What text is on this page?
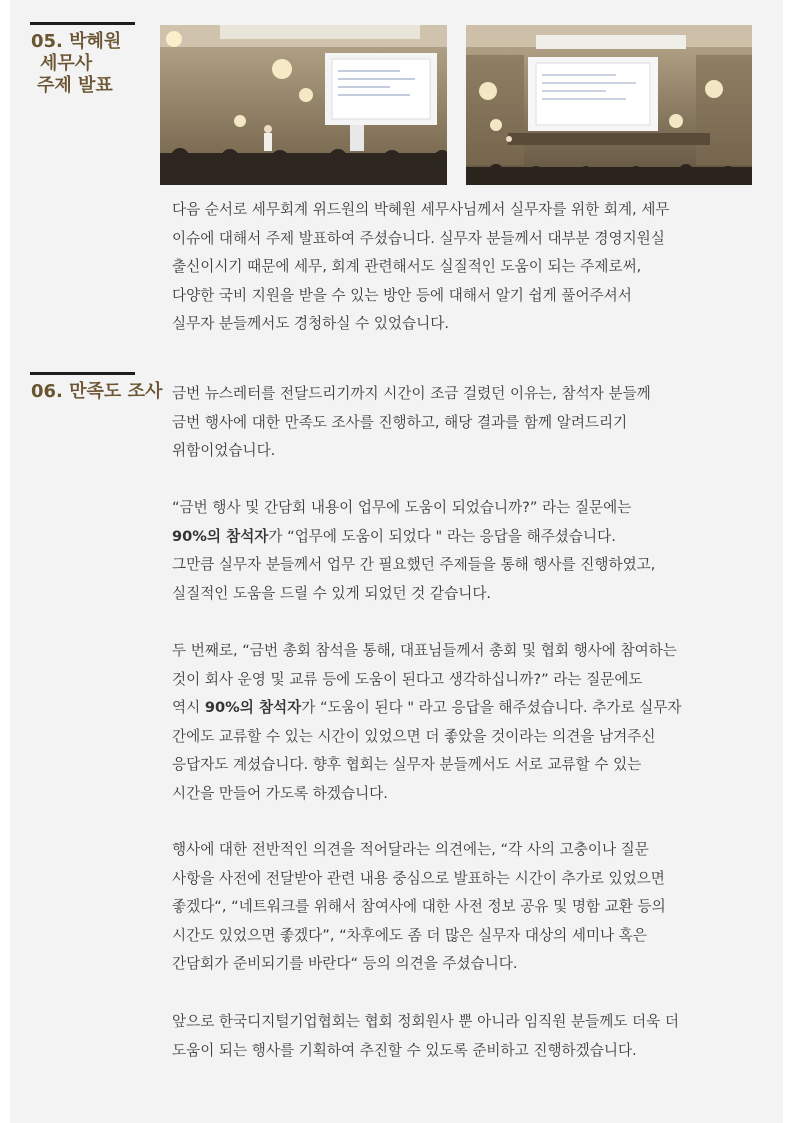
05. 박혜원
세무사
주제 발표
다음 순서로 세무회계 위드원의 박혜원 세무사님께서 실무자를 위한 회계, 세무
이슈에 대해서 주제 발표하여 주셨습니다. 실무자 분들께서 대부분 경영지원실
출신이시기 때문에 세무, 회계 관련해서도 실질적인 도움이 되는 주제로써,
다양한 국비 지원을 받을 수 있는 방안 등에 대해서 알기 쉽게 풀어주셔서
실무자 분들께서도 경청하실 수 있었습니다.
06. 만족도 조사 금번 뉴스레터를 전달드리기까지 시간이 조금 걸렸던 이유는, 참석자 분들께
금번 행사에 대한 만족도 조사를 진행하고, 해당 결과를 함께 알려드리기
위함이었습니다.
“금번 행사 및 간담회 내용이 업무에 도움이 되었습니까?” 라는 질문에는
90%의 참석자가 “업무에 도움이 되었다 " 라는 응답을 해주셨습니다.
그만큼 실무자 분들께서 업무 간 필요했던 주제들을 통해 행사를 진행하였고,
실질적인 도움을 드릴 수 있게 되었던 것 같습니다.
두 번째로, “금번 총회 참석을 통해, 대표님들께서 총회 및 협회 행사에 참여하는
것이 회사 운영 및 교류 등에 도움이 된다고 생각하십니까?” 라는 질문에도
역시 90%의 참석자가 “도움이 된다 " 라고 응답을 해주셨습니다. 추가로 실무자
간에도 교류할 수 있는 시간이 있었으면 더 좋았을 것이라는 의견을 남겨주신
응답자도 계셨습니다. 향후 협회는 실무자 분들께서도 서로 교류할 수 있는
시간을 만들어 가도록 하겠습니다.
행사에 대한 전반적인 의견을 적어달라는 의견에는, “각 사의 고충이나 질문
사항을 사전에 전달받아 관련 내용 중심으로 발표하는 시간이 추가로 있었으면
좋겠다“, “네트워크를 위해서 참여사에 대한 사전 정보 공유 및 명함 교환 등의
시간도 있었으면 좋겠다”, “차후에도 좀 더 많은 실무자 대상의 세미나 혹은
간담회가 준비되기를 바란다“ 등의 의견을 주셨습니다.
앞으로 한국디지털기업협회는 협회 정회원사 뿐 아니라 임직원 분들께도 더욱 더
도움이 되는 행사를 기획하여 추진할 수 있도록 준비하고 진행하겠습니다.
